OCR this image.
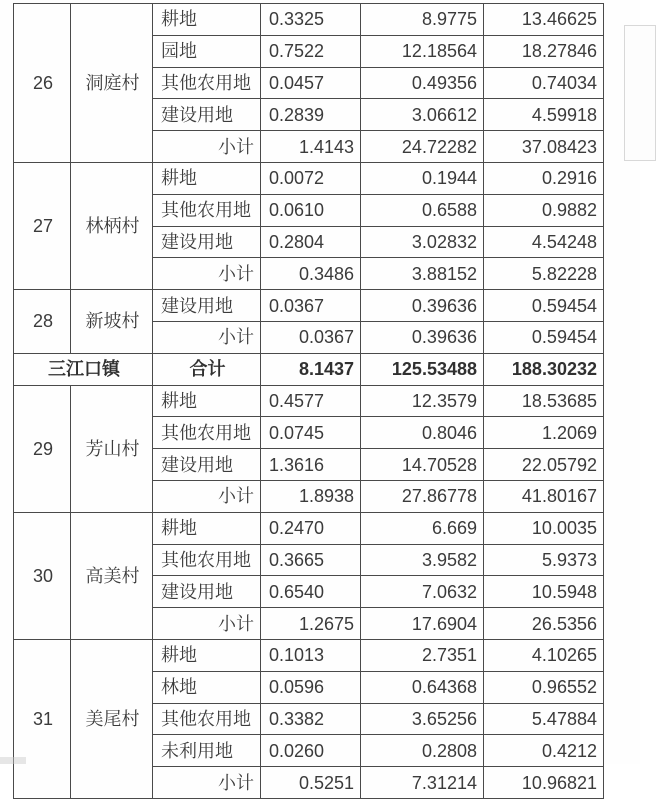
26	洞庭村	耕地	0.3325	8.9775	13.46625
		园地	0.7522	12.18564	18.27846
		其他农用地	0.0457	0.49356	0.74034
		建设用地	0.2839	3.06612	4.59918
		小计	1.4143	24.72282	37.08423
27	林柄村	耕地	0.0072	0.1944	0.2916
		其他农用地	0.0610	0.6588	0.9882
		建设用地	0.2804	3.02832	4.54248
		小计	0.3486	3.88152	5.82228
28	新坡村	建设用地	0.0367	0.39636	0.59454
		小计	0.0367	0.39636	0.59454
三江口镇		合计	8.1437	125.53488	188.30232
29	芳山村	耕地	0.4577	12.3579	18.53685
		其他农用地	0.0745	0.8046	1.2069
		建设用地	1.3616	14.70528	22.05792
		小计	1.8938	27.86778	41.80167
30	高美村	耕地	0.2470	6.669	10.0035
		其他农用地	0.3665	3.9582	5.9373
		建设用地	0.6540	7.0632	10.5948
		小计	1.2675	17.6904	26.5356
31	美尾村	耕地	0.1013	2.7351	4.10265
		林地	0.0596	0.64368	0.96552
		其他农用地	0.3382	3.65256	5.47884
		未利用地	0.0260	0.2808	0.4212
		小计	0.5251	7.31214	10.96821
